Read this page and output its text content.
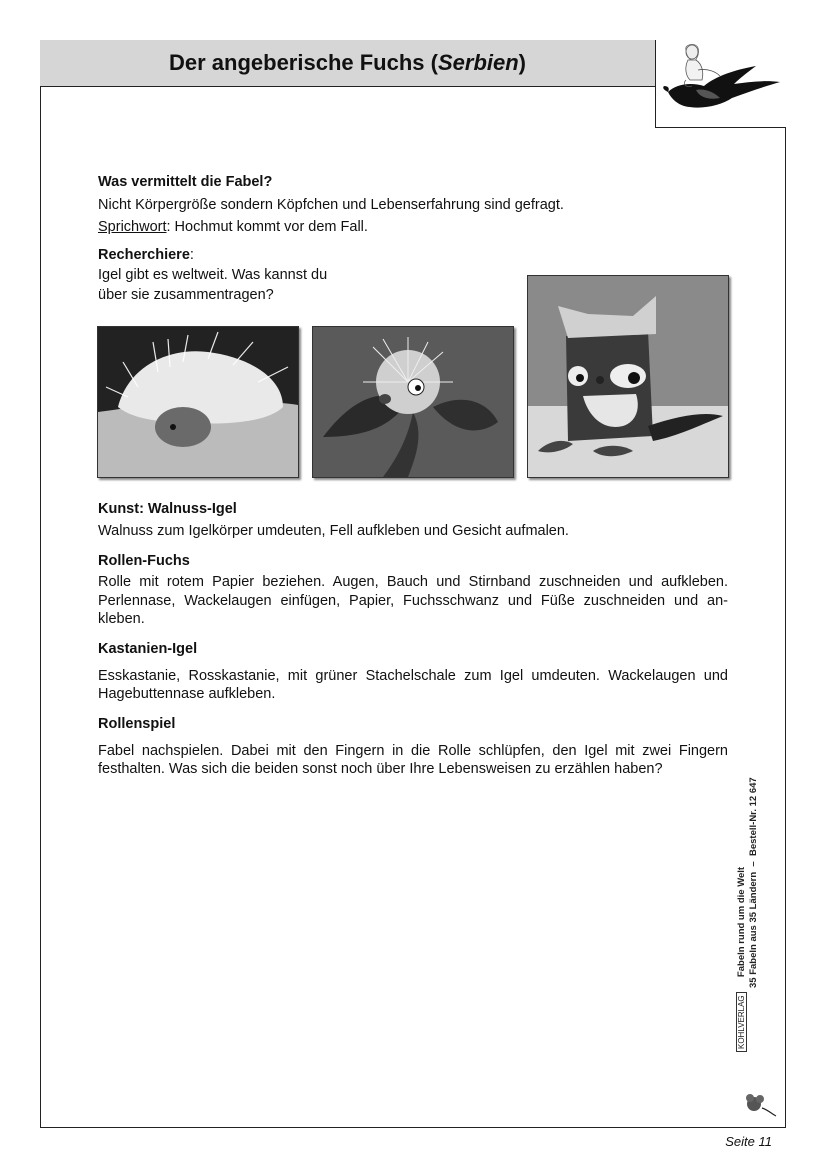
Der angeberische Fuchs ( Serbien )
Was vermittelt die Fabel?

Nicht Körpergröße sondern Köpfchen und Lebenserfahrung sind gefragt.

Sprichwort: Hochmut kommt vor dem Fall.

Recherchiere:

Igel gibt es weltweit. Was kannst du

über sie zusammentragen?

Kunst: Walnuss-Igel

Walnuss zum Igelkörper umdeuten, Fell aufkleben und Gesicht aufmalen.

Rollen-Fuchs

Rolle mit rotem Papier beziehen. Augen, Bauch und Stirnband zuschneiden und aufkleben. Perlennase, Wackelaugen einfügen, Papier, Fuchsschwanz und Füße zuschneiden und an-kleben.

Kastanien-Igel

Esskastanie, Rosskastanie, mit grüner Stachelschale zum Igel umdeuten. Wackelaugen und Hagebuttennase aufkleben.

Rollenspiel

Fabel nachspielen. Dabei mit den Fingern in die Rolle schlüpfen, den Igel mit zwei Fingern festhalten. Was sich die beiden sonst noch über Ihre Lebensweisen zu erzählen haben?

KOHLVERLAG  Fabeln rund um die Welt 35 Fabeln aus 35 Ländern  –  Bestell-Nr. 12 647
Seite 11
